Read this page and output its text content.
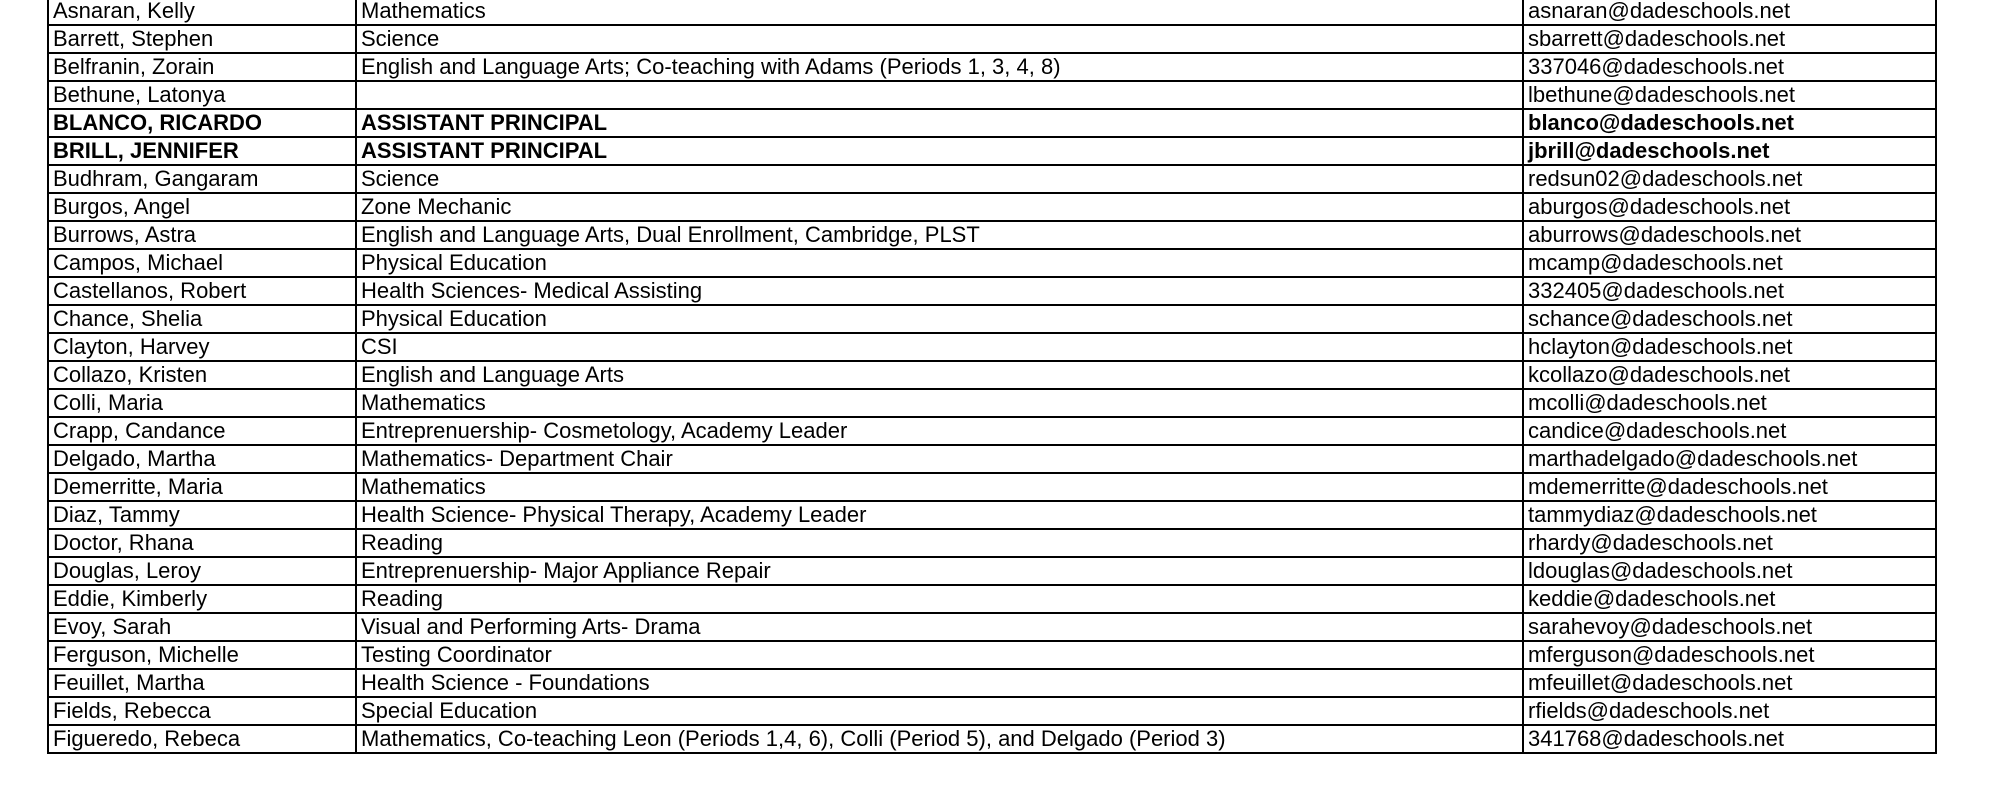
Asnaran, Kelly	Mathematics	asnaran@dadeschools.net
Barrett, Stephen	Science	sbarrett@dadeschools.net
Belfranin, Zorain	English and Language Arts; Co-teaching with Adams (Periods 1, 3, 4, 8)	337046@dadeschools.net
Bethune, Latonya		lbethune@dadeschools.net
BLANCO, RICARDO	ASSISTANT PRINCIPAL	blanco@dadeschools.net
BRILL, JENNIFER	ASSISTANT PRINCIPAL	jbrill@dadeschools.net
Budhram, Gangaram	Science	redsun02@dadeschools.net
Burgos, Angel	Zone Mechanic	aburgos@dadeschools.net
Burrows, Astra	English and Language Arts, Dual Enrollment, Cambridge, PLST	aburrows@dadeschools.net
Campos, Michael	Physical Education	mcamp@dadeschools.net
Castellanos, Robert	Health Sciences- Medical Assisting	332405@dadeschools.net
Chance, Shelia	Physical Education	schance@dadeschools.net
Clayton, Harvey	CSI	hclayton@dadeschools.net
Collazo, Kristen	English and Language Arts	kcollazo@dadeschools.net
Colli, Maria	Mathematics	mcolli@dadeschools.net
Crapp, Candance	Entreprenuership- Cosmetology, Academy Leader	candice@dadeschools.net
Delgado, Martha	Mathematics- Department Chair	marthadelgado@dadeschools.net
Demerritte, Maria	Mathematics	mdemerritte@dadeschools.net
Diaz, Tammy	Health Science- Physical Therapy, Academy Leader	tammydiaz@dadeschools.net
Doctor, Rhana	Reading	rhardy@dadeschools.net
Douglas, Leroy	Entreprenuership- Major Appliance Repair	ldouglas@dadeschools.net
Eddie, Kimberly	Reading	keddie@dadeschools.net
Evoy, Sarah	Visual and Performing Arts- Drama	sarahevoy@dadeschools.net
Ferguson, Michelle	Testing Coordinator	mferguson@dadeschools.net
Feuillet, Martha	Health Science - Foundations	mfeuillet@dadeschools.net
Fields, Rebecca	Special Education	rfields@dadeschools.net
Figueredo, Rebeca	Mathematics, Co-teaching Leon (Periods 1,4, 6), Colli (Period 5), and Delgado (Period 3)	341768@dadeschools.net
